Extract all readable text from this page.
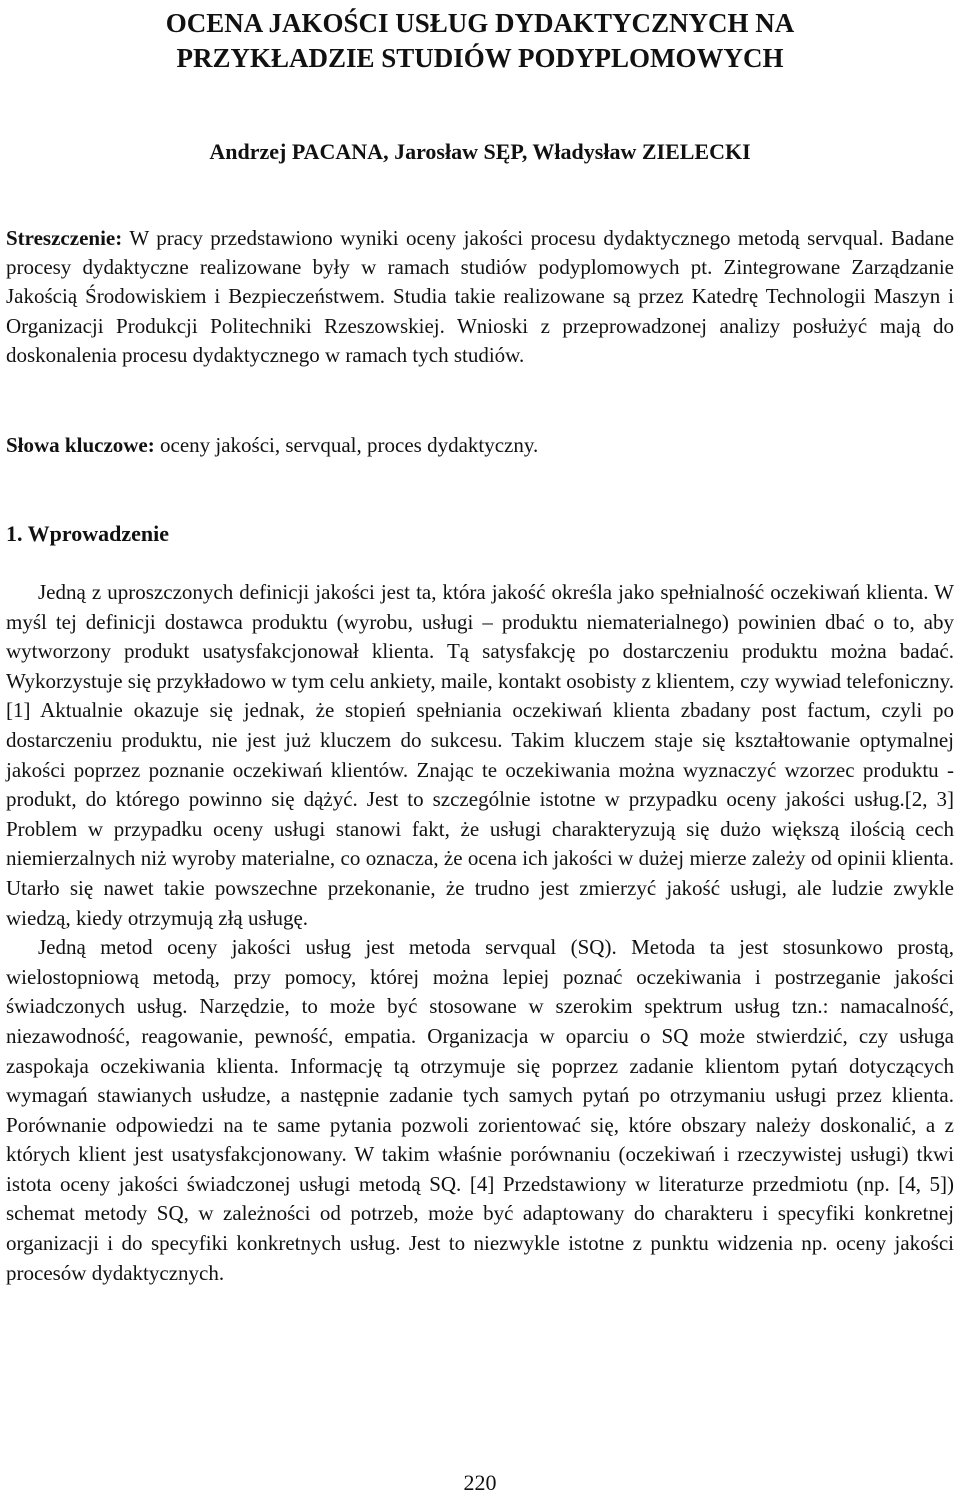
OCENA JAKOŚCI USŁUG DYDAKTYCZNYCH NA
PRZYKŁADZIE STUDIÓW PODYPLOMOWYCH
Andrzej PACANA, Jarosław SĘP, Władysław ZIELECKI

Streszczenie: W pracy przedstawiono wyniki oceny jakości procesu dydaktycznego metodą servqual. Badane procesy dydaktyczne realizowane były w ramach studiów podyplomowych pt. Zintegrowane Zarządzanie Jakością Środowiskiem i Bezpieczeństwem. Studia takie realizowane są przez Katedrę Technologii Maszyn i Organizacji Produkcji Politechniki Rzeszowskiej. Wnioski z przeprowadzonej analizy posłużyć mają do doskonalenia procesu dydaktycznego w ramach tych studiów.

Słowa kluczowe: oceny jakości, servqual, proces dydaktyczny.

1. Wprowadzenie

Jedną z uproszczonych definicji jakości jest ta, która jakość określa jako spełnialność oczekiwań klienta. W myśl tej definicji dostawca produktu (wyrobu, usługi – produktu niematerialnego) powinien dbać o to, aby wytworzony produkt usatysfakcjonował klienta. Tą satysfakcję po dostarczeniu produktu można badać. Wykorzystuje się przykładowo w tym celu ankiety, maile, kontakt osobisty z klientem, czy wywiad telefoniczny. [1] Aktualnie okazuje się jednak, że stopień spełniania oczekiwań klienta zbadany post factum, czyli po dostarczeniu produktu, nie jest już kluczem do sukcesu. Takim kluczem staje się kształtowanie optymalnej jakości poprzez poznanie oczekiwań klientów. Znając te oczekiwania można wyznaczyć wzorzec produktu - produkt, do którego powinno się dążyć. Jest to szczególnie istotne w przypadku oceny jakości usług.[2, 3] Problem w przypadku oceny usługi stanowi fakt, że usługi charakteryzują się dużo większą ilością cech niemierzalnych niż wyroby materialne, co oznacza, że ocena ich jakości w dużej mierze zależy od opinii klienta. Utarło się nawet takie powszechne przekonanie, że trudno jest zmierzyć jakość usługi, ale ludzie zwykle wiedzą, kiedy otrzymują złą usługę.

Jedną metod oceny jakości usług jest metoda servqual (SQ). Metoda ta jest stosunkowo prostą, wielostopniową metodą, przy pomocy, której można lepiej poznać oczekiwania i postrzeganie jakości świadczonych usług. Narzędzie, to może być stosowane w szerokim spektrum usług tzn.: namacalność, niezawodność, reagowanie, pewność, empatia. Organizacja w oparciu o SQ może stwierdzić, czy usługa zaspokaja oczekiwania klienta. Informację tą otrzymuje się poprzez zadanie klientom pytań dotyczących wymagań stawianych usłudze, a następnie zadanie tych samych pytań po otrzymaniu usługi przez klienta. Porównanie odpowiedzi na te same pytania pozwoli zorientować się, które obszary należy doskonalić, a z których klient jest usatysfakcjonowany. W takim właśnie porównaniu (oczekiwań i rzeczywistej usługi) tkwi istota oceny jakości świadczonej usługi metodą SQ. [4] Przedstawiony w literaturze przedmiotu (np. [4, 5]) schemat metody SQ, w zależności od potrzeb, może być adaptowany do charakteru i specyfiki konkretnej organizacji i do specyfiki konkretnych usług. Jest to niezwykle istotne z punktu widzenia np. oceny jakości procesów dydaktycznych.

220
